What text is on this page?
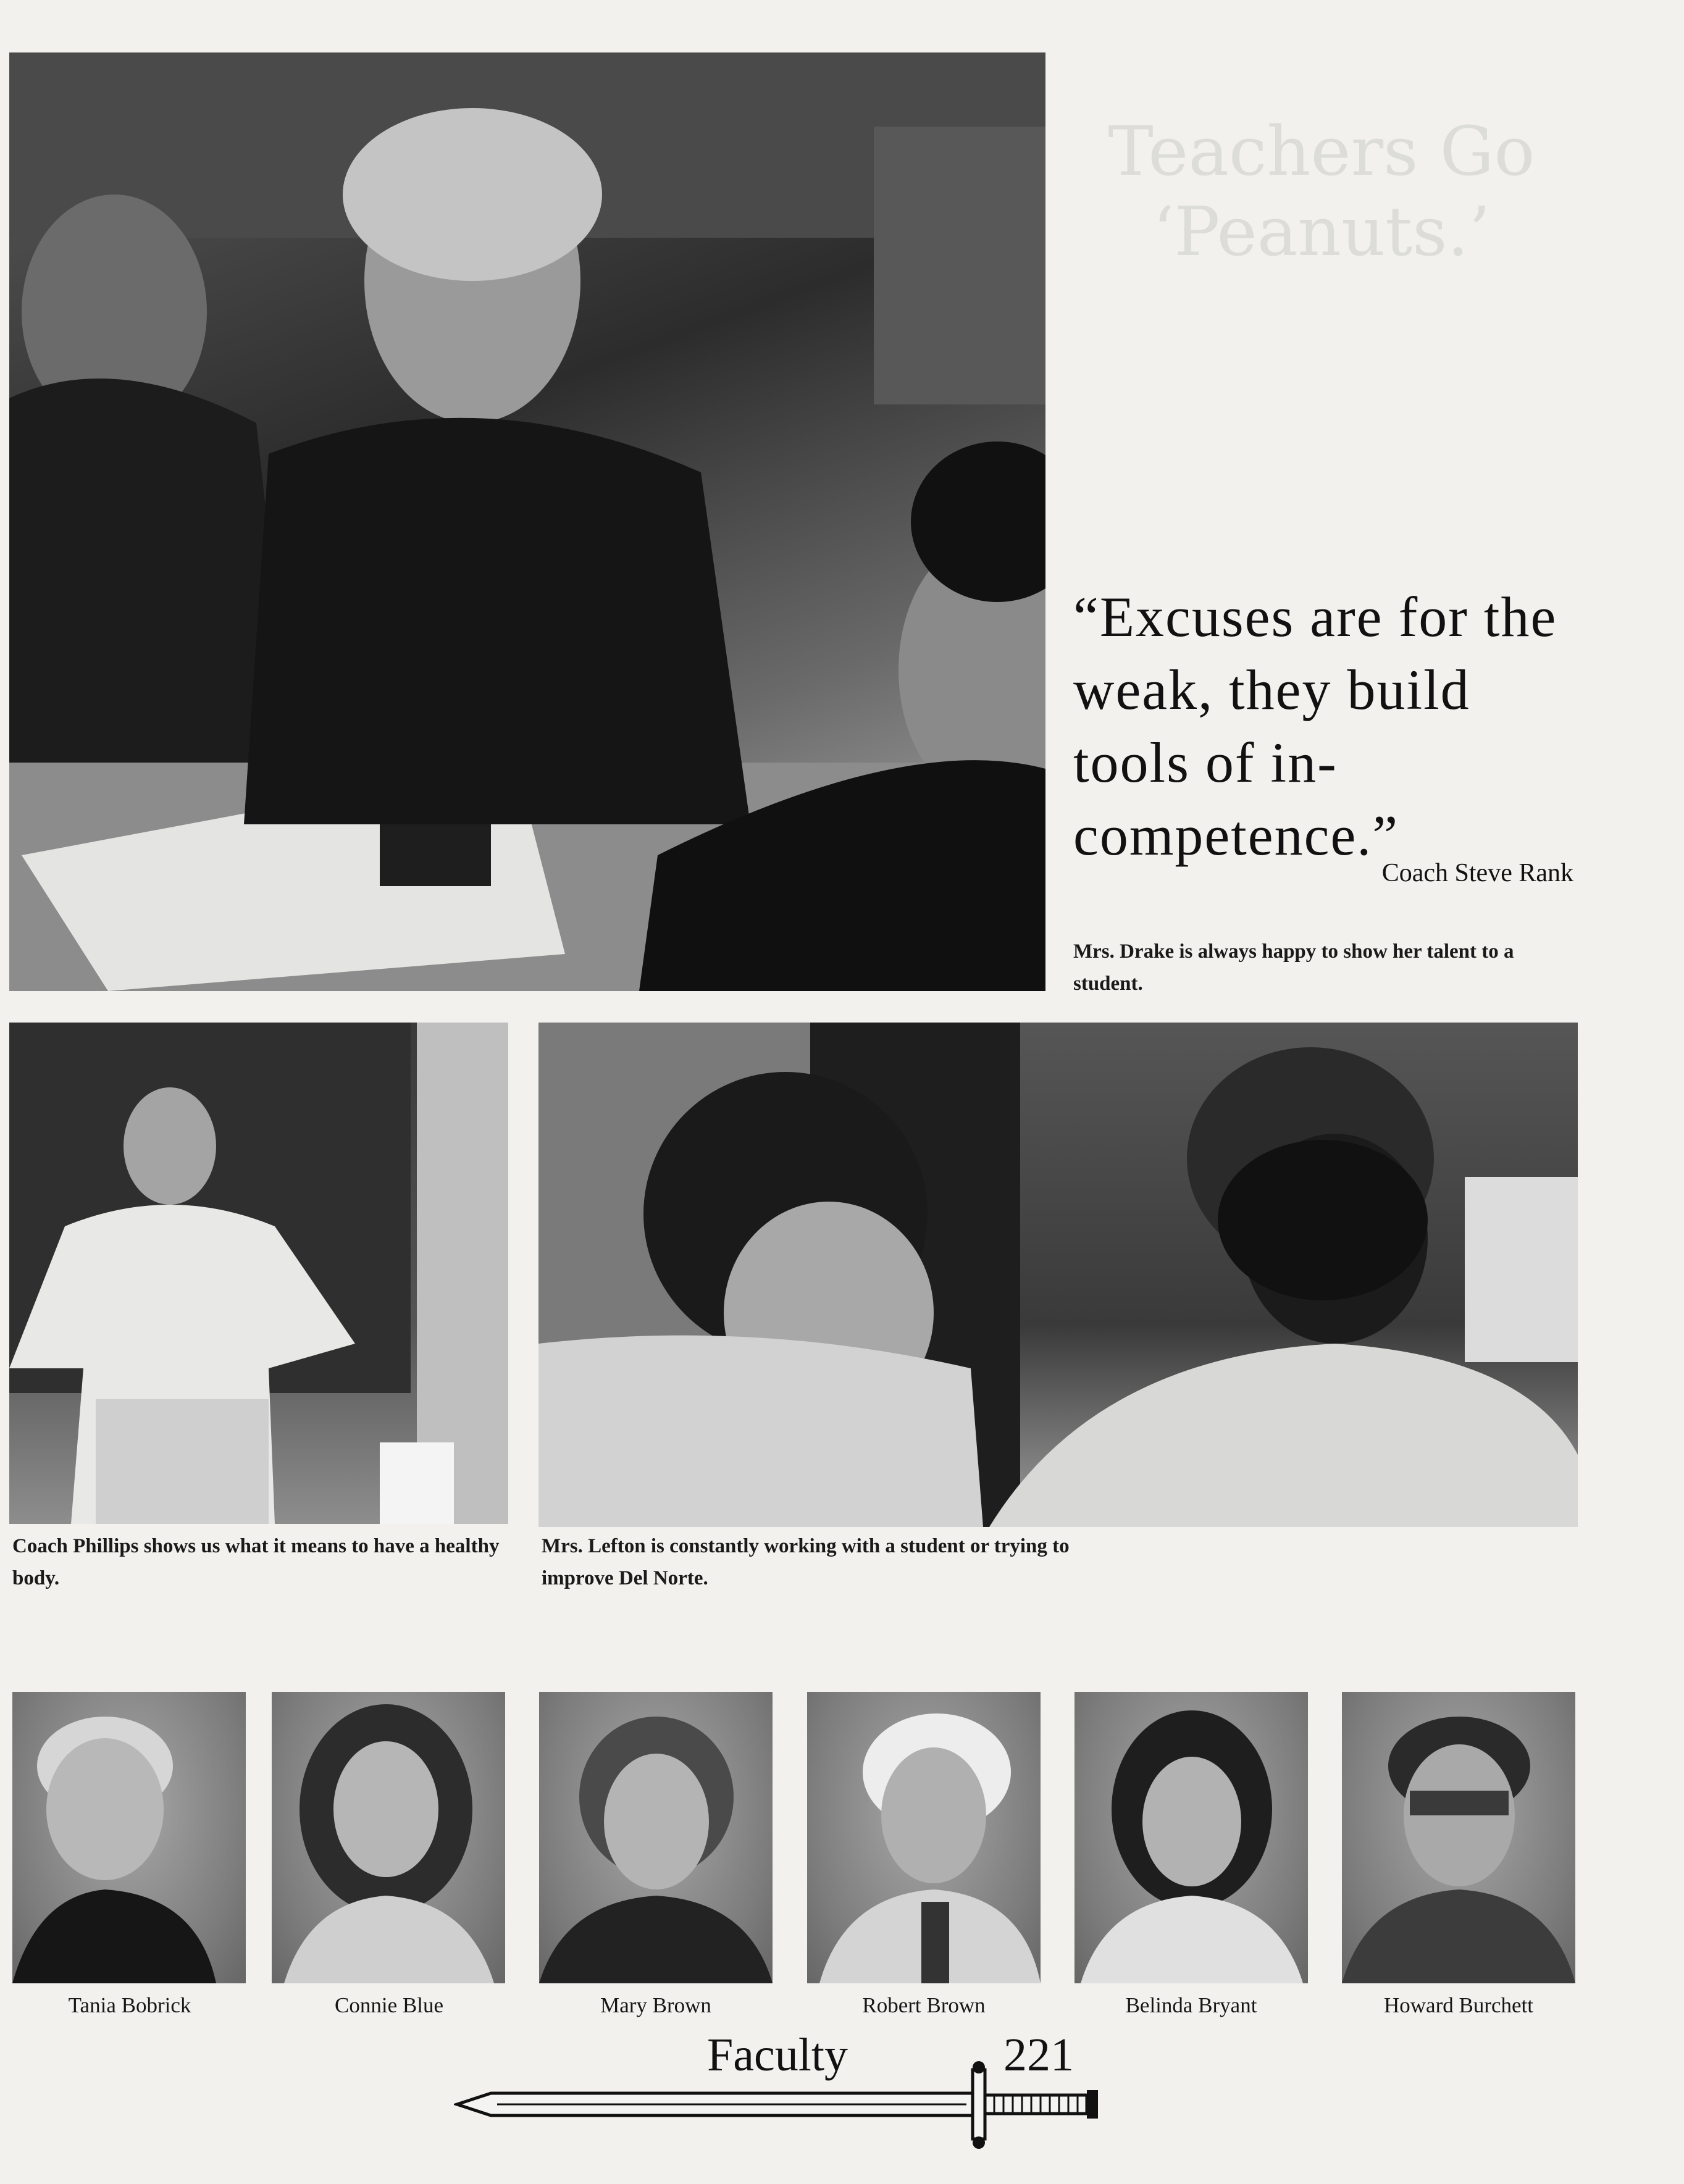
Teachers Go ‘Peanuts.’
“Excuses are for the weak, they build tools of in-competence.”
Coach Steve Rank
Mrs. Drake is always happy to show her talent to a student.
Coach Phillips shows us what it means to have a healthy body.
Mrs. Lefton is constantly working with a student or trying to improve Del Norte.
Tania Bobrick	Connie Blue	Mary Brown	Robert Brown	Belinda Bryant	Howard Burchett
Faculty	221
